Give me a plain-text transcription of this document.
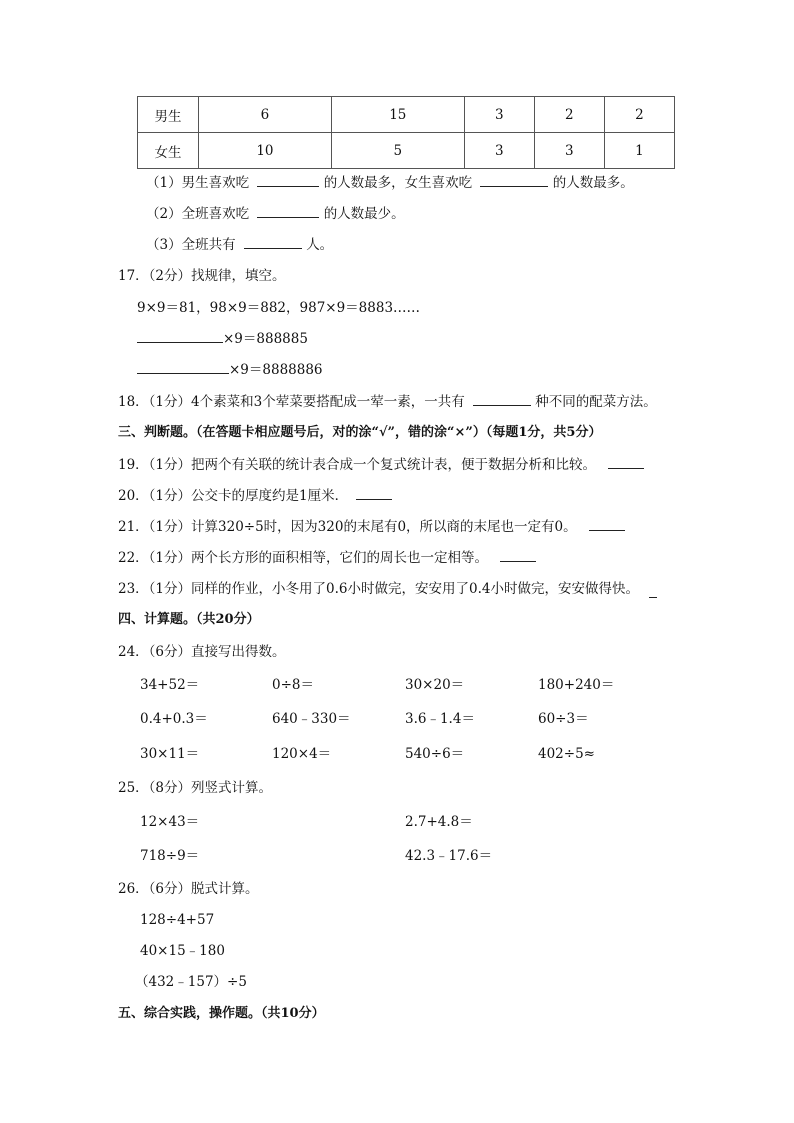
男生	6	15	3	2	2
女生	10	5	3	3	1
（1）男生喜欢吃	的人数最多，女生喜欢吃	的人数最多。
（2）全班喜欢吃	的人数最少。
（3）全班共有	人。
17．（2分）找规律，填空。
9×9＝81，98×9＝882，987×9＝8883……
×9＝888885
×9＝8888886
18．（1分）4个素菜和3个荤菜要搭配成一荤一素，一共有	种不同的配菜方法。
三、判断题。（在答题卡相应题号后，对的涂“√”，错的涂“×”）（每题1分，共5分）
19．（1分）把两个有关联的统计表合成一个复式统计表，便于数据分析和比较。
20．（1分）公交卡的厚度约是1厘米．
21．（1分）计算320÷5时，因为320的末尾有0，所以商的末尾也一定有0。
22．（1分）两个长方形的面积相等，它们的周长也一定相等。
23．（1分）同样的作业，小冬用了0.6小时做完，安安用了0.4小时做完，安安做得快。
四、计算题。（共20分）
24．（6分）直接写出得数。
34+52＝	0÷8＝	30×20＝	180+240＝
0.4+0.3＝	640﹣330＝	3.6﹣1.4＝	60÷3＝
30×11＝	120×4＝	540÷6＝	402÷5≈
25．（8分）列竖式计算。
12×43＝	2.7+4.8＝
718÷9＝	42.3﹣17.6＝
26．（6分）脱式计算。
128÷4+57
40×15﹣180
（432﹣157）÷5
五、综合实践，操作题。（共10分）
